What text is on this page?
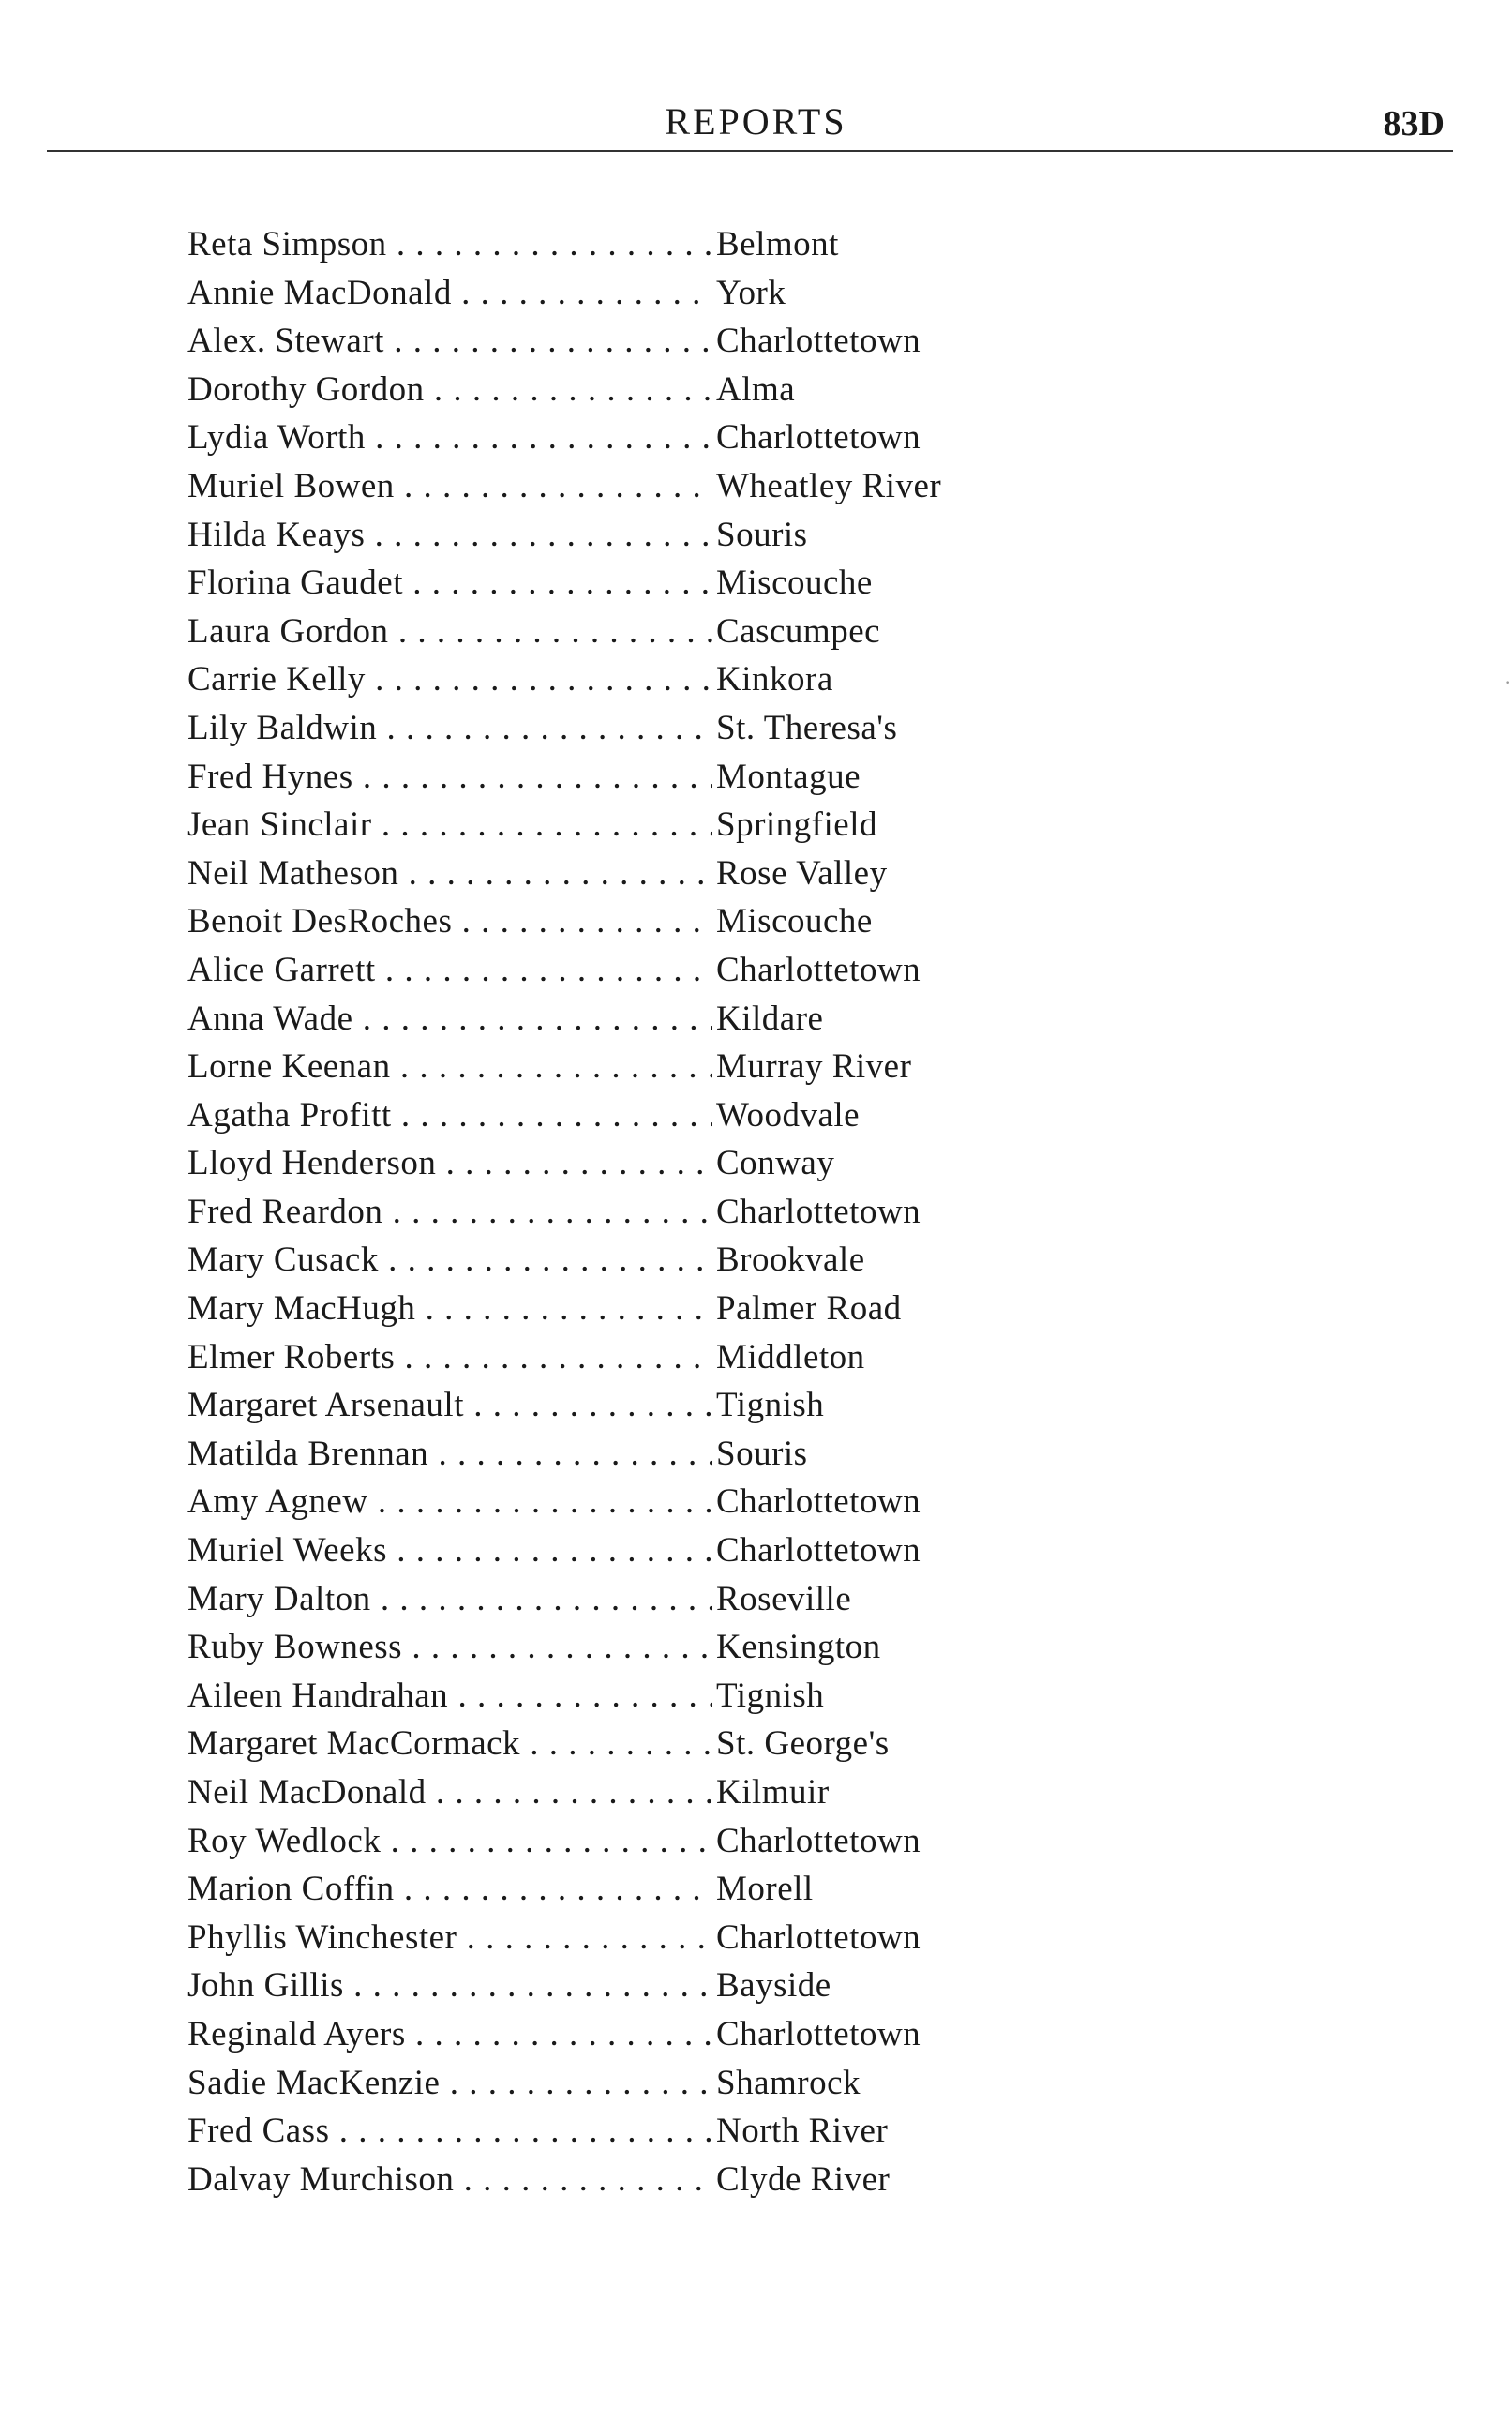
REPORTS	83D
Reta Simpson . . .	Belmont
Annie MacDonald . . .	York
Alex. Stewart . . .	Charlottetown
Dorothy Gordon . . .	Alma
Lydia Worth . . .	Charlottetown
Muriel Bowen . . .	Wheatley River
Hilda Keays . . .	Souris
Florina Gaudet . . .	Miscouche
Laura Gordon . . .	Cascumpec
Carrie Kelly . . .	Kinkora
Lily Baldwin . . .	St. Theresa's
Fred Hynes . . .	Montague
Jean Sinclair . . .	Springfield
Neil Matheson . . .	Rose Valley
Benoit DesRoches . . .	Miscouche
Alice Garrett . . .	Charlottetown
Anna Wade . . .	Kildare
Lorne Keenan . . .	Murray River
Agatha Profitt . . .	Woodvale
Lloyd Henderson . . .	Conway
Fred Reardon . . .	Charlottetown
Mary Cusack . . .	Brookvale
Mary MacHugh . . .	Palmer Road
Elmer Roberts . . .	Middleton
Margaret Arsenault . . .	Tignish
Matilda Brennan . . .	Souris
Amy Agnew . . .	Charlottetown
Muriel Weeks . . .	Charlottetown
Mary Dalton . . .	Roseville
Ruby Bowness . . .	Kensington
Aileen Handrahan . . .	Tignish
Margaret MacCormack . . .	St. George's
Neil MacDonald . . .	Kilmuir
Roy Wedlock . . .	Charlottetown
Marion Coffin . . .	Morell
Phyllis Winchester . . .	Charlottetown
John Gillis . . .	Bayside
Reginald Ayers . . .	Charlottetown
Sadie MacKenzie . . .	Shamrock
Fred Cass . . .	North River
Dalvay Murchison . . .	Clyde River
·
